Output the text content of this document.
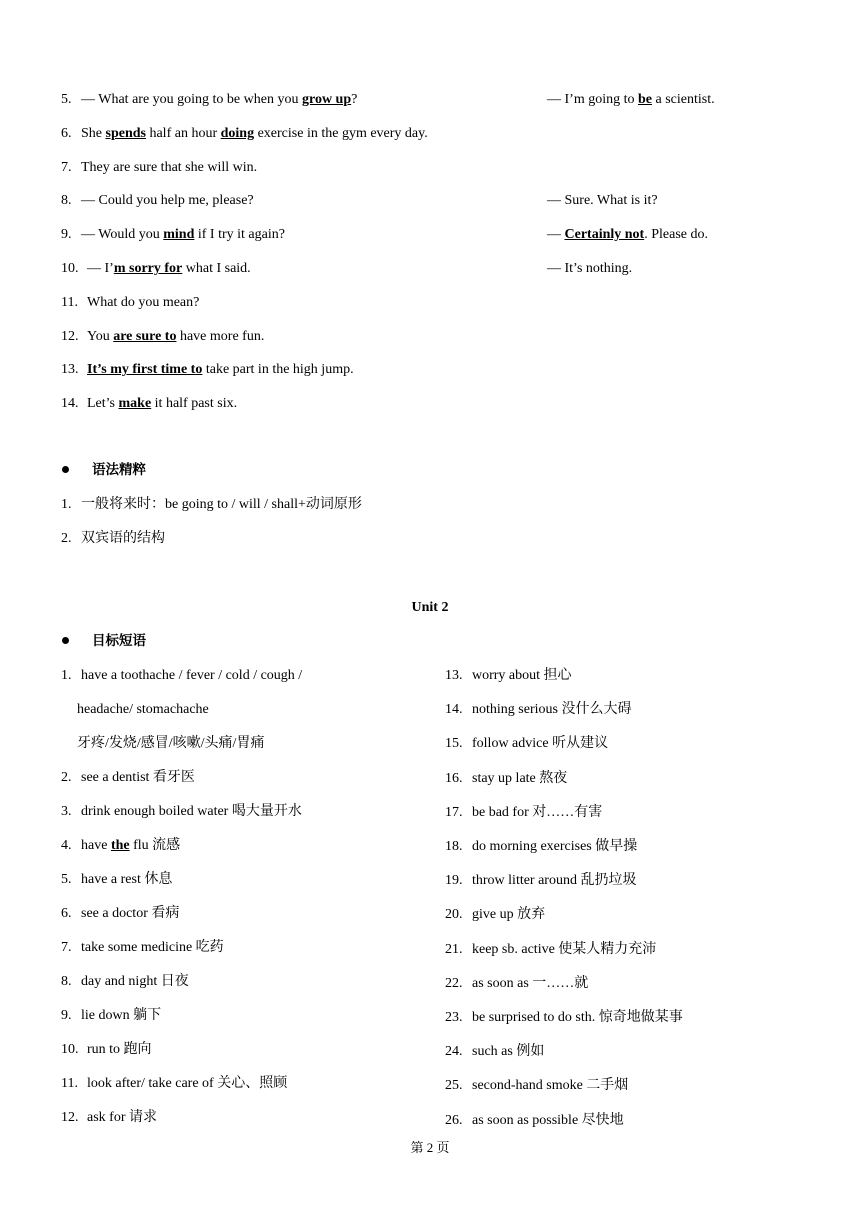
5. — What are you going to be when you grow up?	— I’m going to be a scientist.
6. She spends half an hour doing exercise in the gym every day.
7. They are sure that she will win.
8. — Could you help me, please?	— Sure. What is it?
9. — Would you mind if I try it again?	— Certainly not. Please do.
10. — I’m sorry for what I said.	— It’s nothing.
11. What do you mean?
12. You are sure to have more fun.
13. It’s my first time to take part in the high jump.
14. Let’s make it half past six.
语法精粹
1. 一般将来时：be going to / will / shall+动词原形
2. 双宾语的结构
Unit 2
目标短语
1. have a toothache / fever / cold / cough /
headache/ stomachache
牙疼/发烧/感冒/咳嗽/头痛/胃痛
2. see a dentist 看牙医
3. drink enough boiled water 喝大量开水
4. have the flu 流感
5. have a rest 休息
6. see a doctor 看病
7. take some medicine 吃药
8. day and night 日夜
9. lie down 躺下
10. run to 跑向
11. look after/ take care of 关心、照顾
12. ask for 请求
13. worry about 担心
14. nothing serious 没什么大碍
15. follow advice 听从建议
16. stay up late 熬夜
17. be bad for 对……有害
18. do morning exercises 做早操
19. throw litter around 乱扔垃圾
20. give up 放弃
21. keep sb. active 使某人精力充沛
22. as soon as 一……就
23. be surprised to do sth. 惊奇地做某事
24. such as 例如
25. second-hand smoke 二手烟
26. as soon as possible 尽快地
第 2 页
